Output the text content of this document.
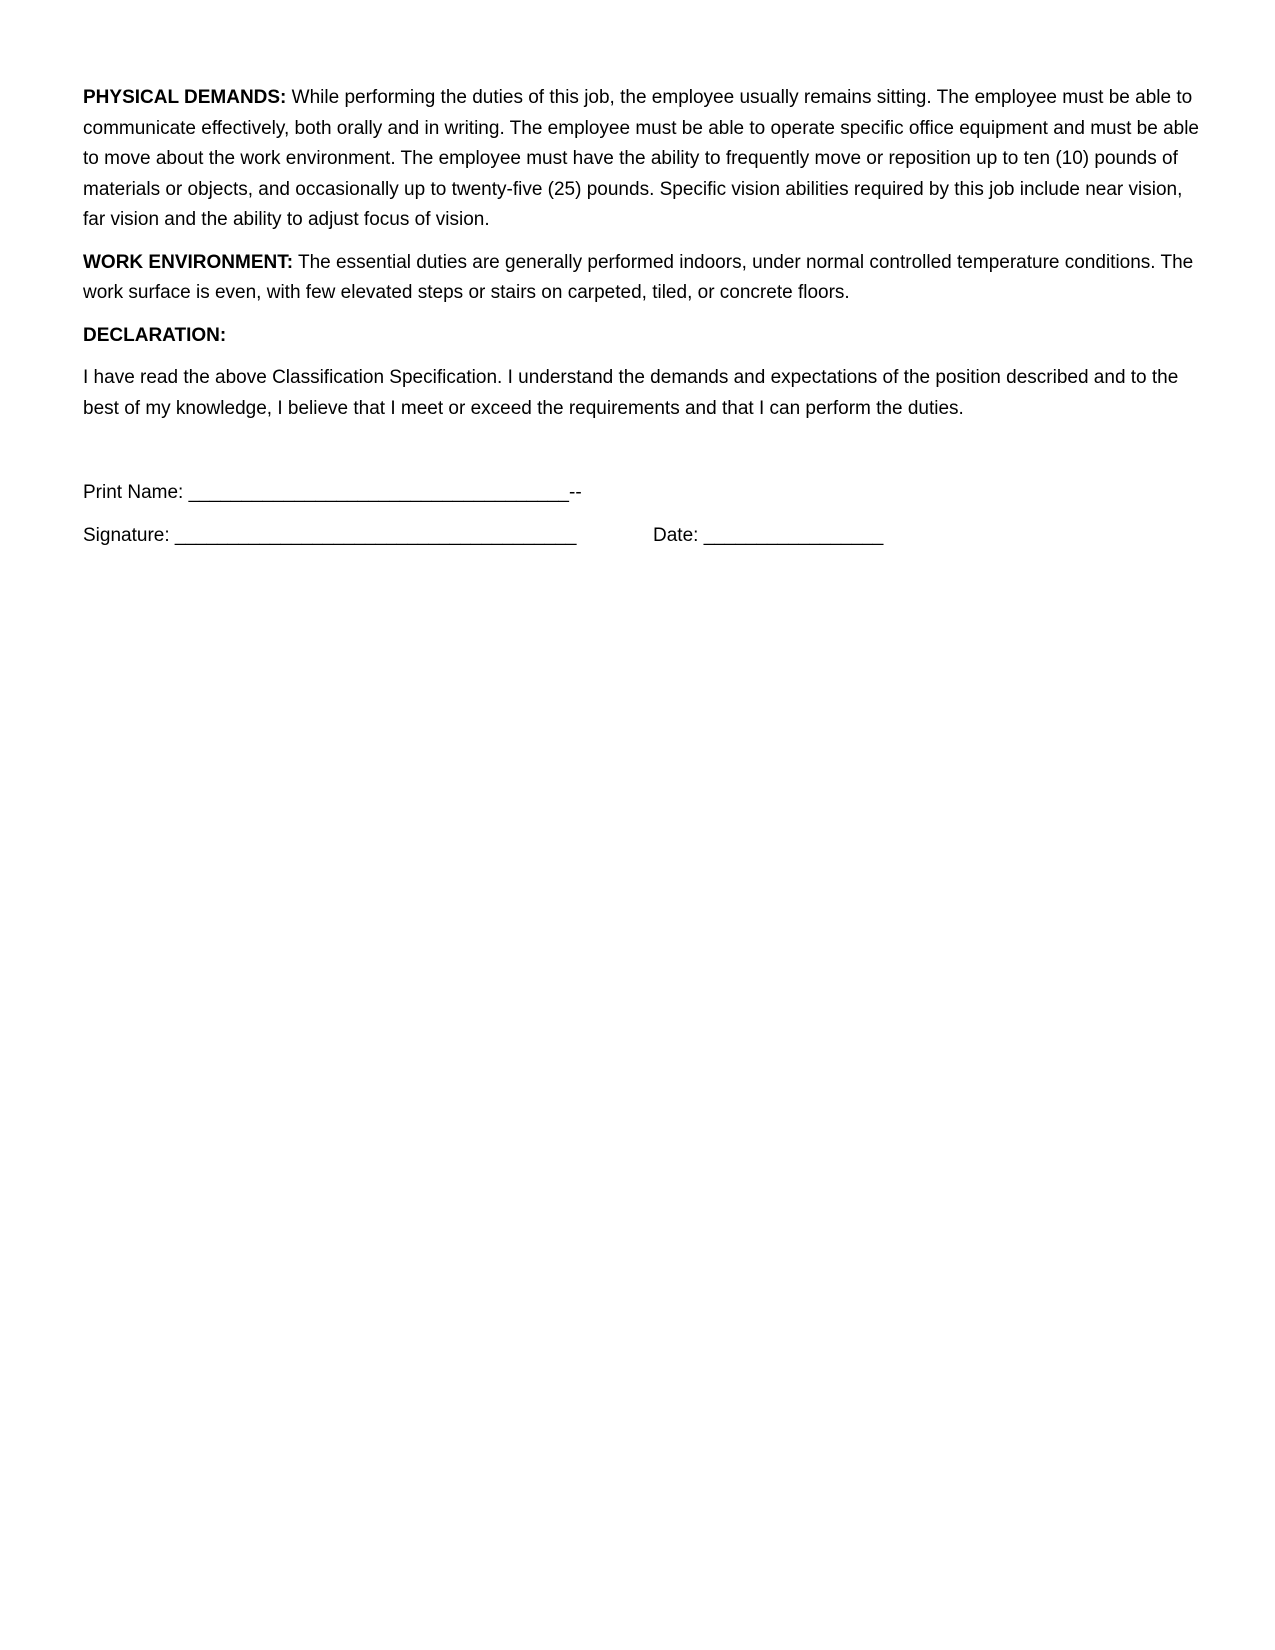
PHYSICAL DEMANDS: While performing the duties of this job, the employee usually remains sitting. The employee must be able to communicate effectively, both orally and in writing. The employee must be able to operate specific office equipment and must be able to move about the work environment. The employee must have the ability to frequently move or reposition up to ten (10) pounds of materials or objects, and occasionally up to twenty-five (25) pounds. Specific vision abilities required by this job include near vision, far vision and the ability to adjust focus of vision.

WORK ENVIRONMENT: The essential duties are generally performed indoors, under normal controlled temperature conditions. The work surface is even, with few elevated steps or stairs on carpeted, tiled, or concrete floors.

DECLARATION:

I have read the above Classification Specification. I understand the demands and expectations of the position described and to the best of my knowledge, I believe that I meet or exceed the requirements and that I can perform the duties.

Print Name: ____________________________________--

Signature: ______________________________________

	Date: _________________
